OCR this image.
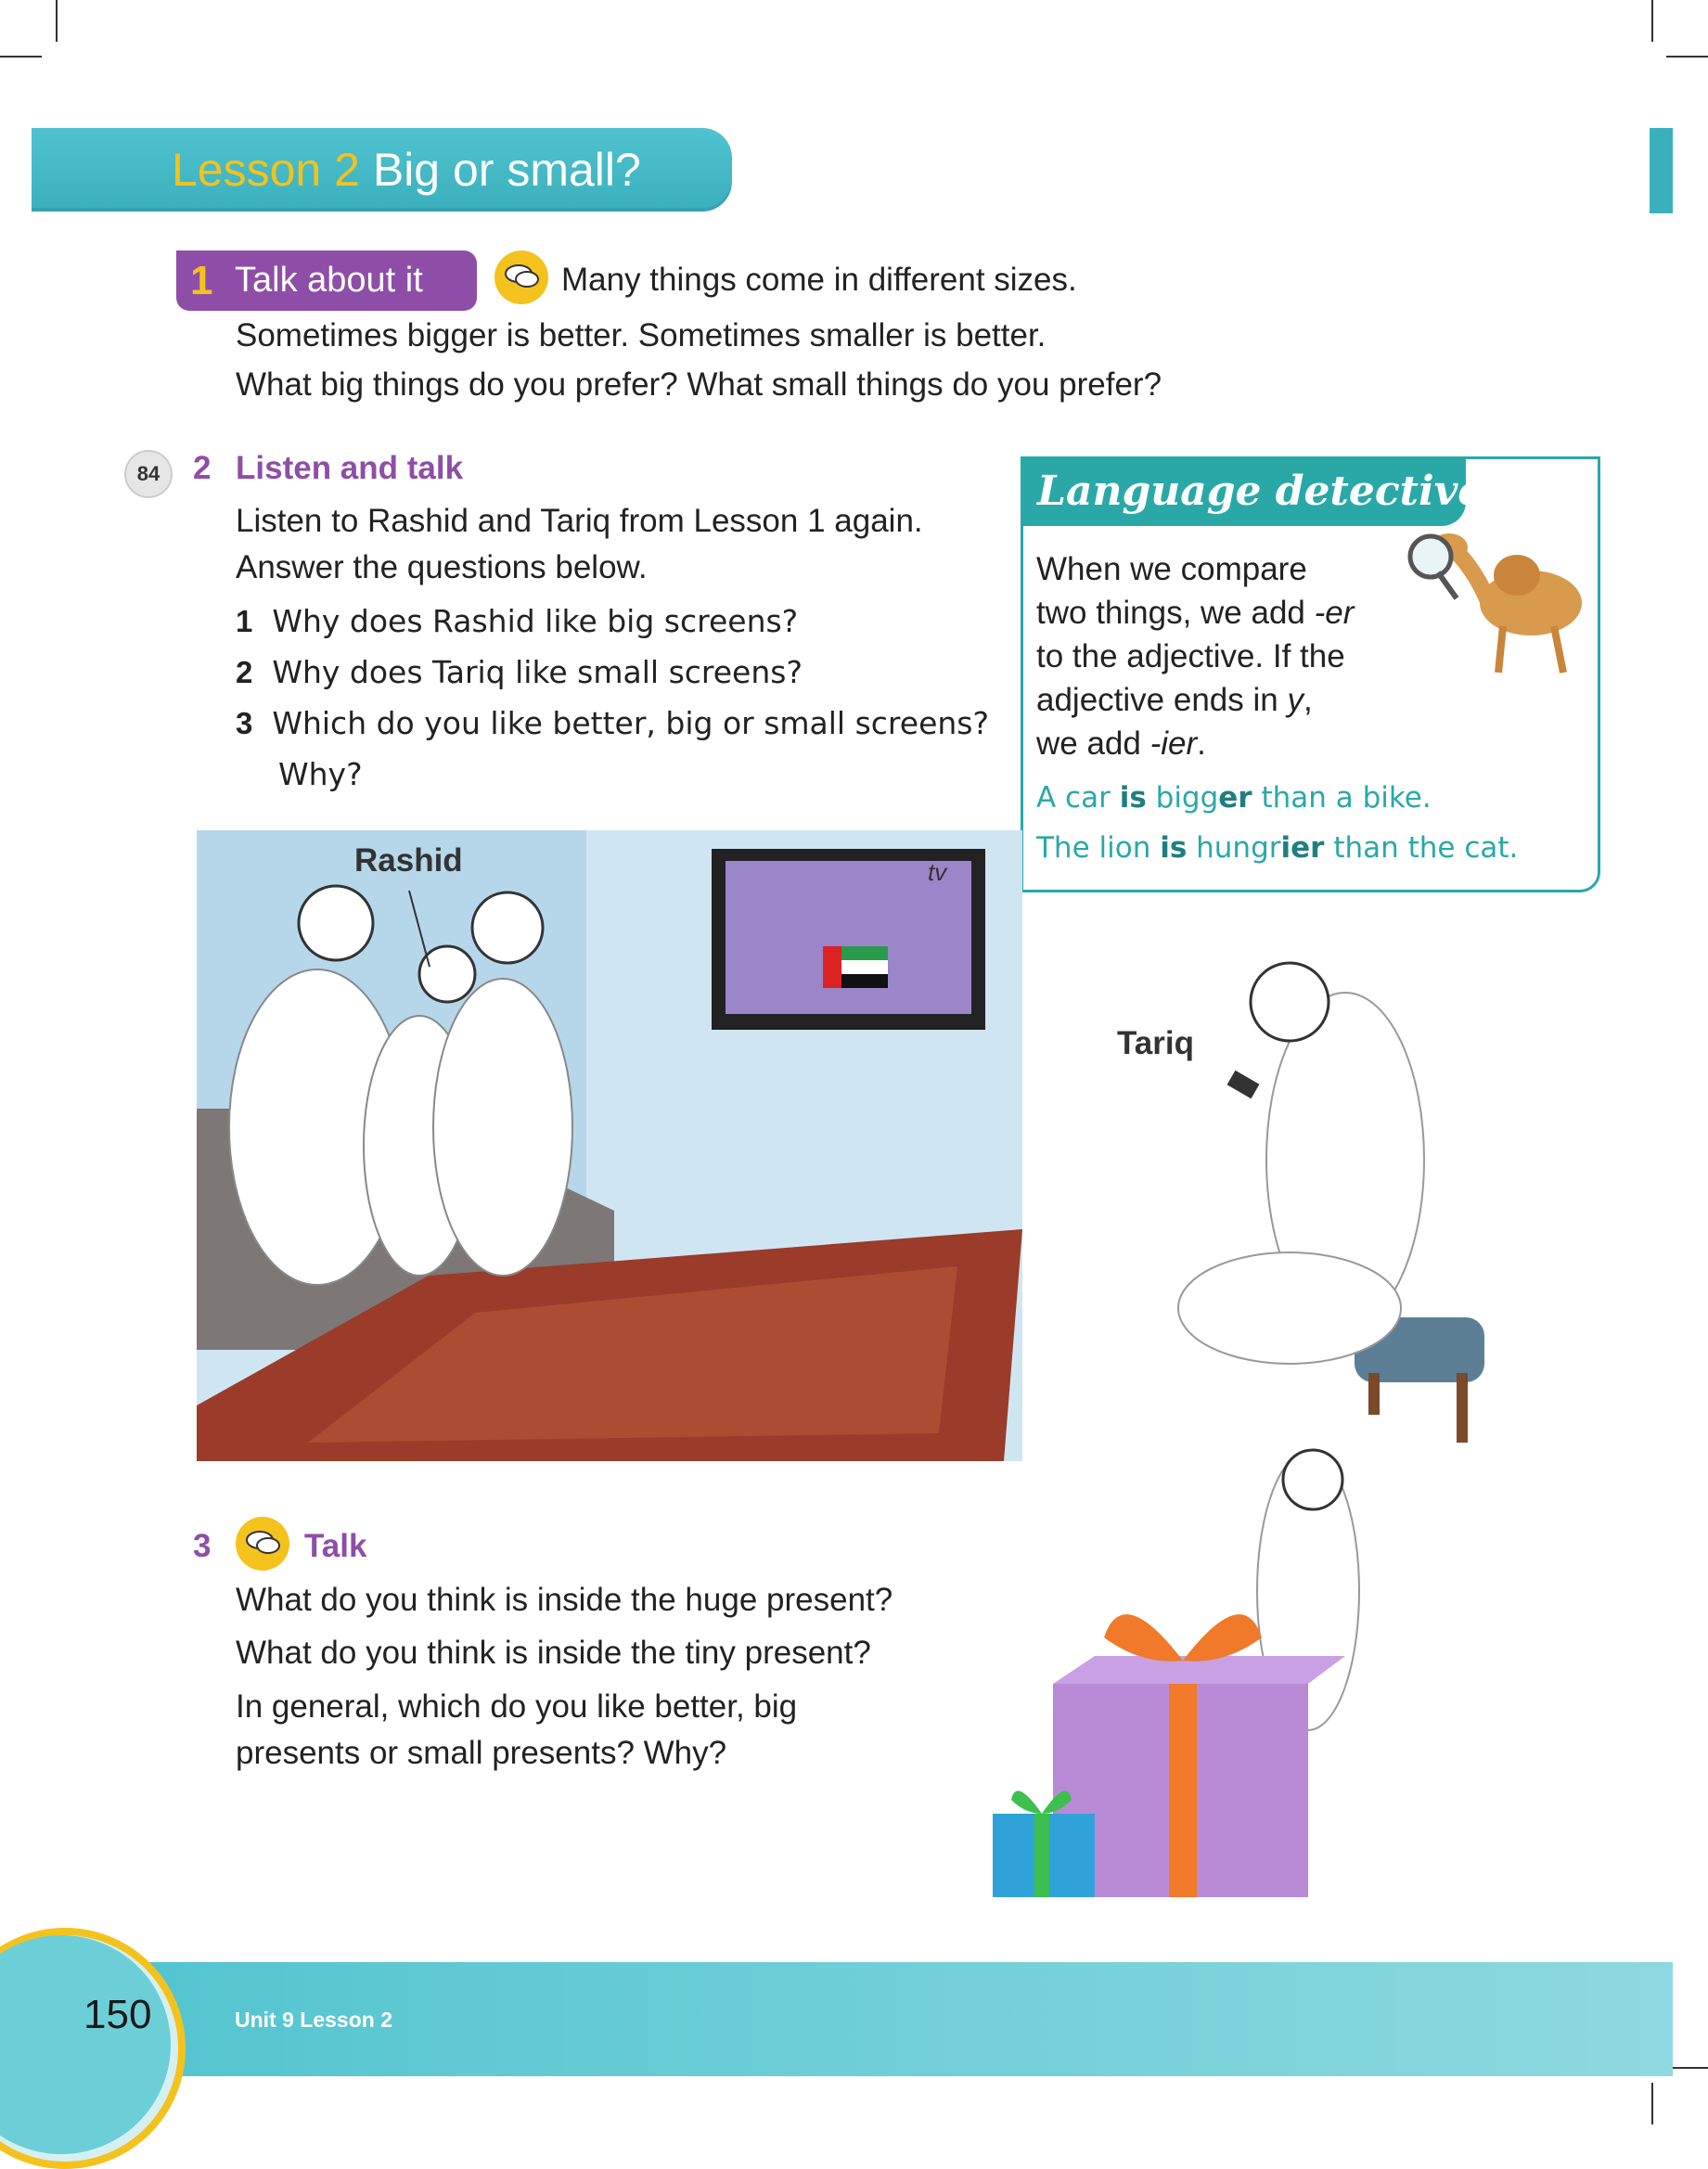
Lesson 2 Big or small?
1 Talk about it	Many things come in different sizes.
Sometimes bigger is better. Sometimes smaller is better.
What big things do you prefer? What small things do you prefer?
84	2 Listen and talk
Listen to Rashid and Tariq from Lesson 1 again.
Answer the questions below.
1 Why does Rashid like big screens?
2 Why does Tariq like small screens?
3 Which do you like better, big or small screens?
Why?
Language detective
When we compare
two things, we add -er
to the adjective. If the
adjective ends in y,
we add -ier.
A car is bigger than a bike.
The lion is hungrier than the cat.
Rashid	tv
Tariq
3	Talk
What do you think is inside the huge present?
What do you think is inside the tiny present?
In general, which do you like better, big
presents or small presents? Why?
150	Unit 9 Lesson 2
